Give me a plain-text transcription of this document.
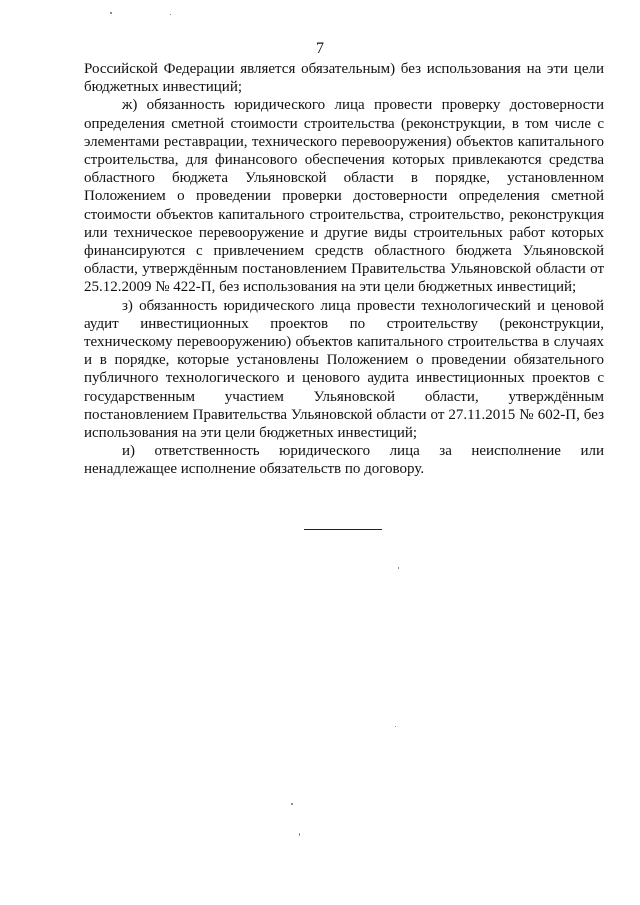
7

Российской Федерации является обязательным) без использования на эти цели бюджетных инвестиций;

ж) обязанность юридического лица провести проверку достоверности определения сметной стоимости строительства (реконструкции, в том числе с элементами реставрации, технического перевооружения) объектов капитального строительства, для финансового обеспечения которых привлекаются средства областного бюджета Ульяновской области в порядке, установленном Положением о проведении проверки достоверности определения сметной стоимости объектов капитального строительства, строительство, реконструкция или техническое перевооружение и другие виды строительных работ которых финансируются с привлечением средств областного бюджета Ульяновской области, утверждённым постановлением Правительства Ульяновской области от 25.12.2009 № 422-П, без использования на эти цели бюджетных инвестиций;

з) обязанность юридического лица провести технологический и ценовой аудит инвестиционных проектов по строительству (реконструкции, техническому перевооружению) объектов капитального строительства в случаях и в порядке, которые установлены Положением о проведении обязательного публичного технологического и ценового аудита инвестиционных проектов с государственным участием Ульяновской области, утверждённым постановлением Правительства Ульяновской области от 27.11.2015 № 602-П, без использования на эти цели бюджетных инвестиций;

и) ответственность юридического лица за неисполнение или ненадлежащее исполнение обязательств по договору.
